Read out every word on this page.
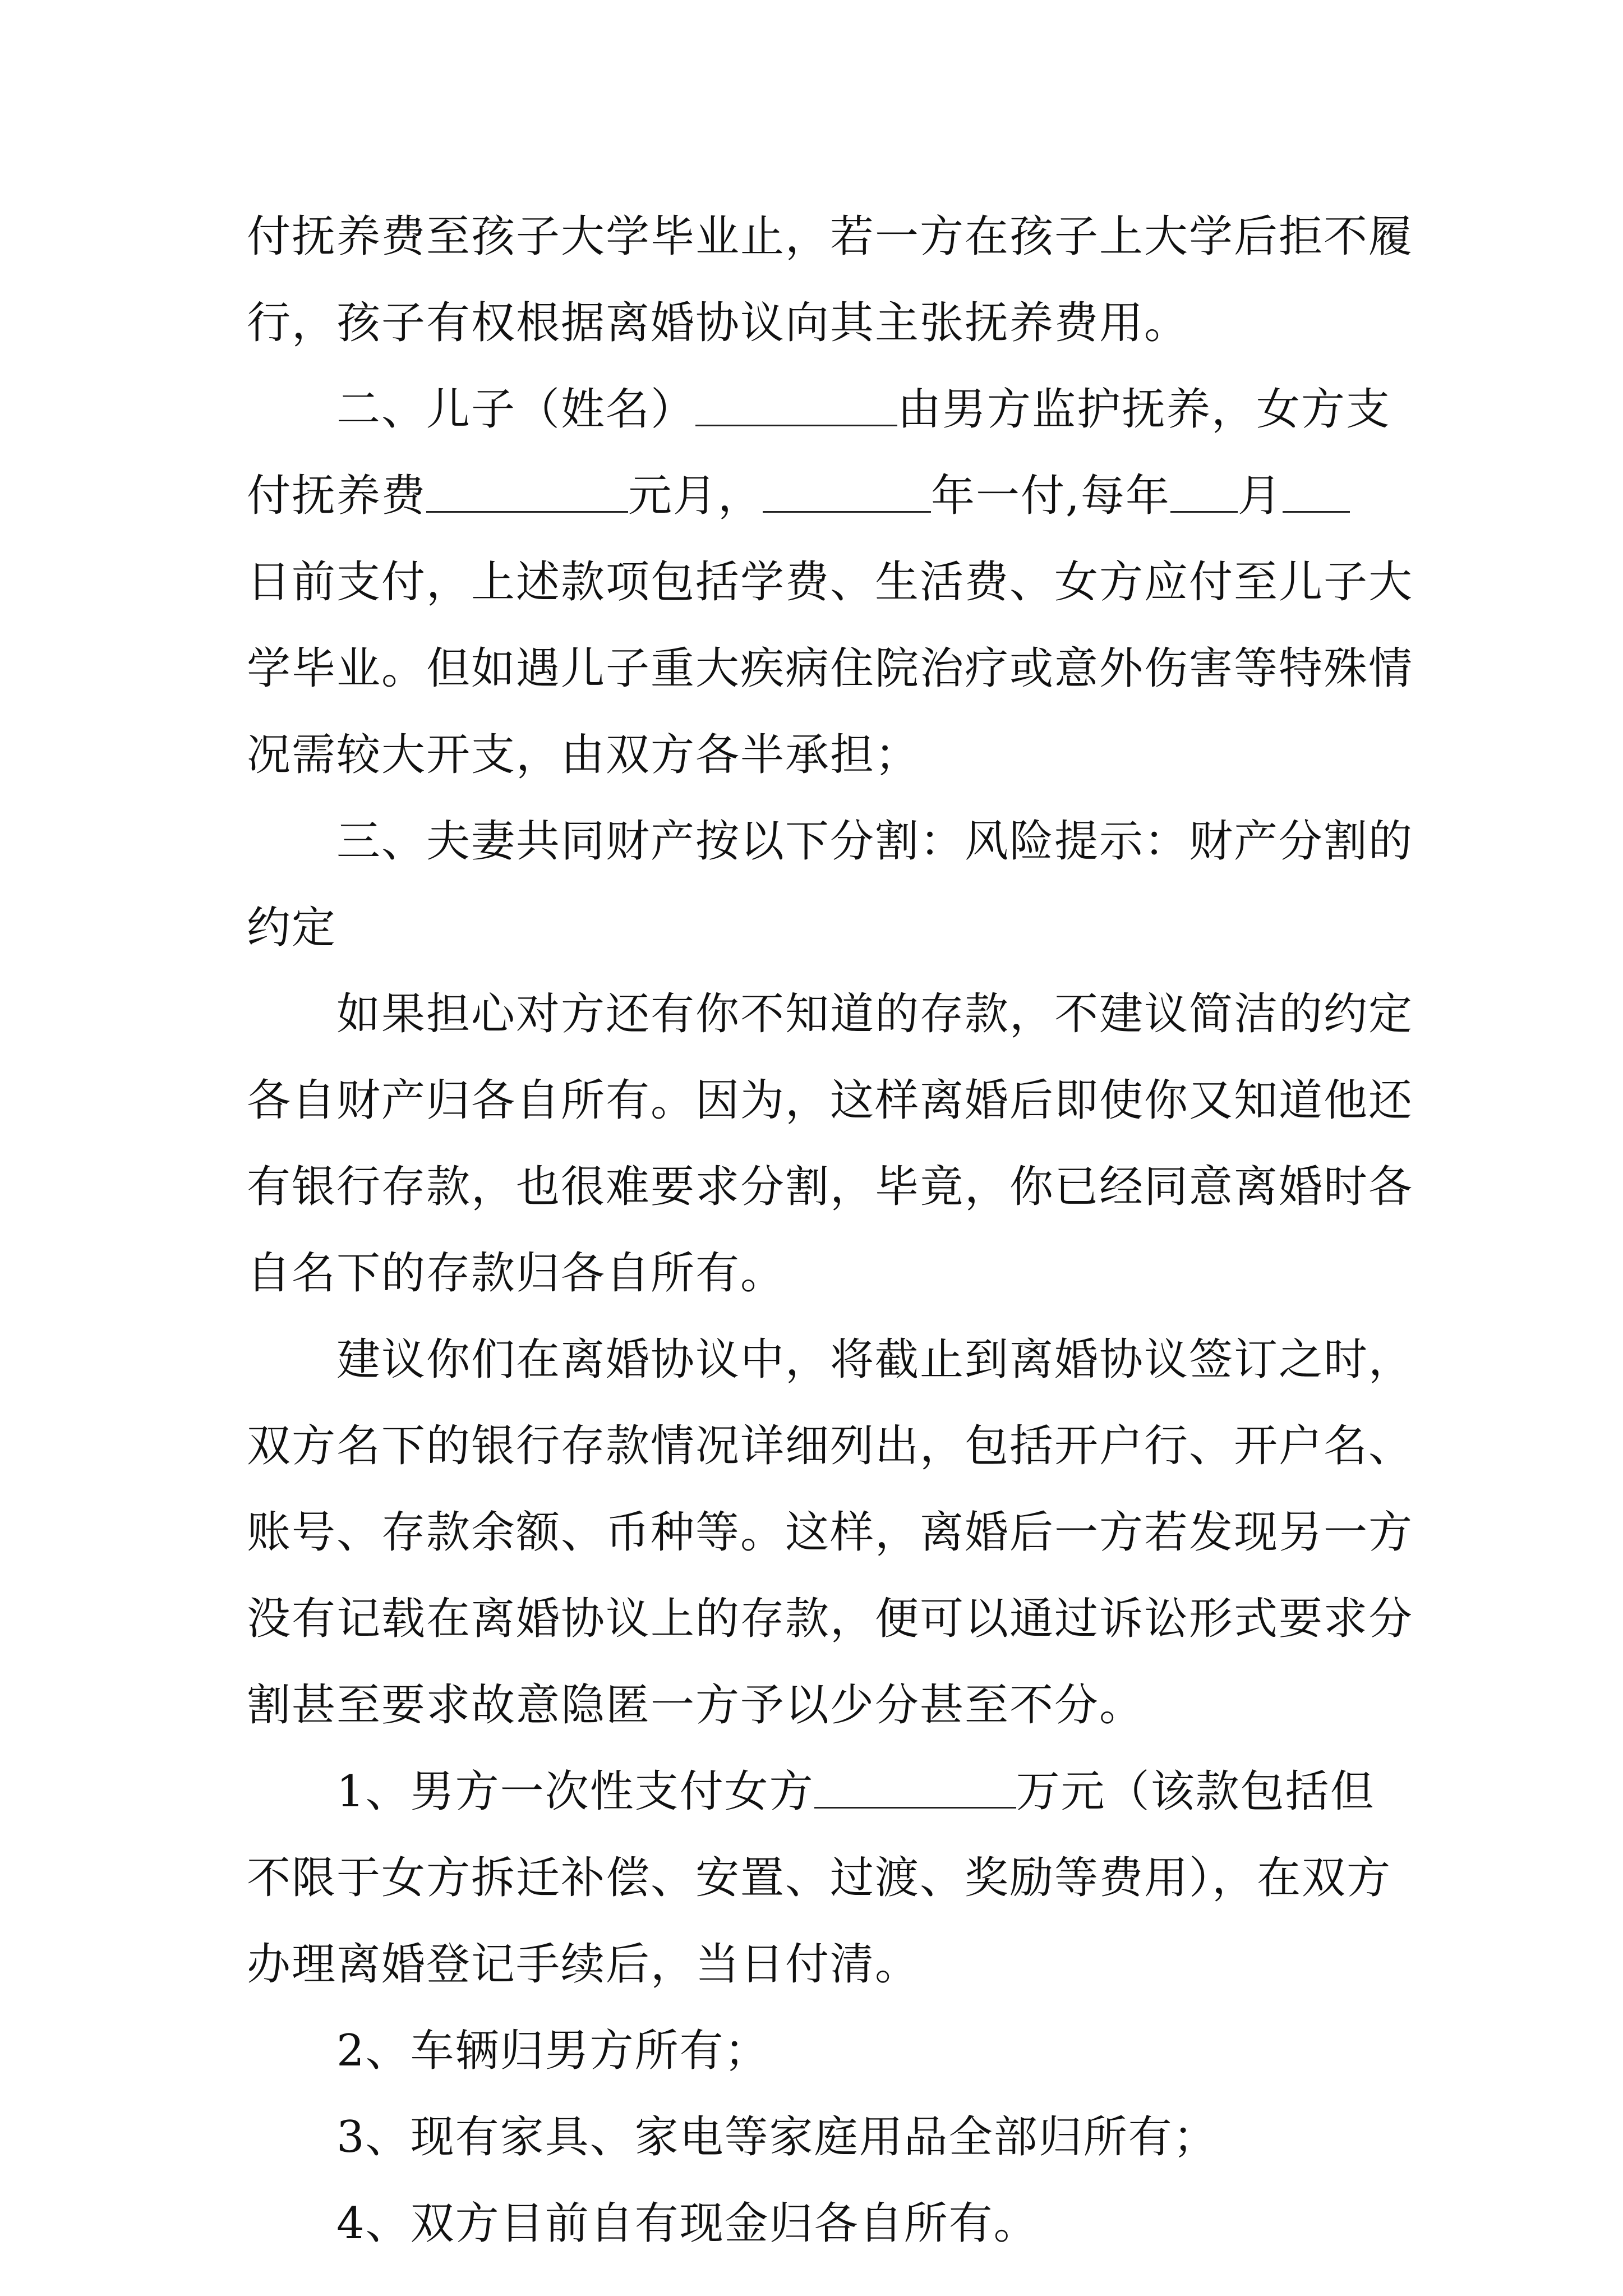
付抚养费至孩子大学毕业止，若一方在孩子上大学后拒不履
行，孩子有权根据离婚协议向其主张抚养费用。
二、儿子（姓名）	由男方监护抚养，女方支
付抚养费	元月，	年一付,每年 月
日前支付，上述款项包括学费、生活费、女方应付至儿子大
学毕业。但如遇儿子重大疾病住院治疗或意外伤害等特殊情
况需较大开支，由双方各半承担；
三、夫妻共同财产按以下分割：风险提示：财产分割的
约定
如果担心对方还有你不知道的存款，不建议简洁的约定
各自财产归各自所有。因为，这样离婚后即使你又知道他还
有银行存款，也很难要求分割，毕竟，你已经同意离婚时各
自名下的存款归各自所有。
建议你们在离婚协议中，将截止到离婚协议签订之时，
双方名下的银行存款情况详细列出，包括开户行、开户名、
账号、存款余额、币种等。这样，离婚后一方若发现另一方
没有记载在离婚协议上的存款，便可以通过诉讼形式要求分
割甚至要求故意隐匿一方予以少分甚至不分。
1、男方一次性支付女方	万元（该款包括但
不限于女方拆迁补偿、安置、过渡、奖励等费用），在双方
办理离婚登记手续后，当日付清。
2、车辆归男方所有；
3、现有家具、家电等家庭用品全部归所有；
4、双方目前自有现金归各自所有。
